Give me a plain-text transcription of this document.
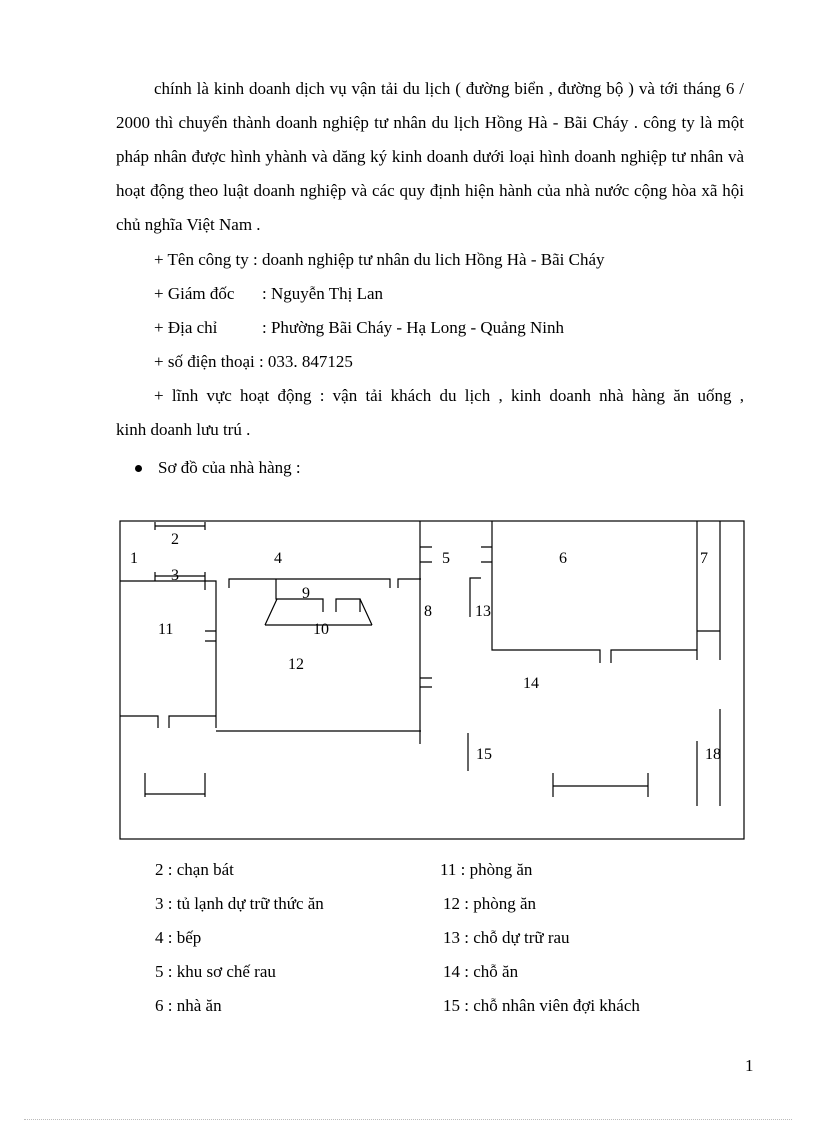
chính là kinh doanh dịch vụ vận tải du lịch ( đường biển , đường bộ ) và tới tháng 6 / 2000 thì chuyển thành doanh nghiệp tư nhân du lịch Hồng Hà - Bãi Cháy . công ty là một pháp nhân được hình yhành và dăng ký kinh doanh dưới loại hình doanh nghiệp tư nhân và hoạt động theo luật doanh nghiệp và các quy định hiện hành của nhà nước cộng hòa xã hội chủ nghĩa Việt Nam .

+ Tên công ty : doanh nghiệp tư nhân du lich Hồng Hà - Bãi Cháy
+ Giám đốc : Nguyễn Thị Lan
+ Địa chỉ	: Phường Bãi Cháy - Hạ Long - Quảng Ninh
+ số điện thoại : 033. 847125
+ lĩnh vực hoạt động : vận tải khách du lịch , kinh doanh nhà hàng ăn uống ,
kinh doanh lưu trú .
Sơ đồ của nhà hàng :
1
2
3
4	5	6	7
8
9
10
11
12
13
14
15	18
2 : chạn bát
3 : tủ lạnh dự trữ thức ăn
4 : bếp
5 : khu sơ chế rau
6 : nhà ăn
11 : phòng ăn
12 : phòng ăn
13 : chỗ dự trữ rau
14 : chỗ ăn
15 : chỗ nhân viên đợi khách
1
